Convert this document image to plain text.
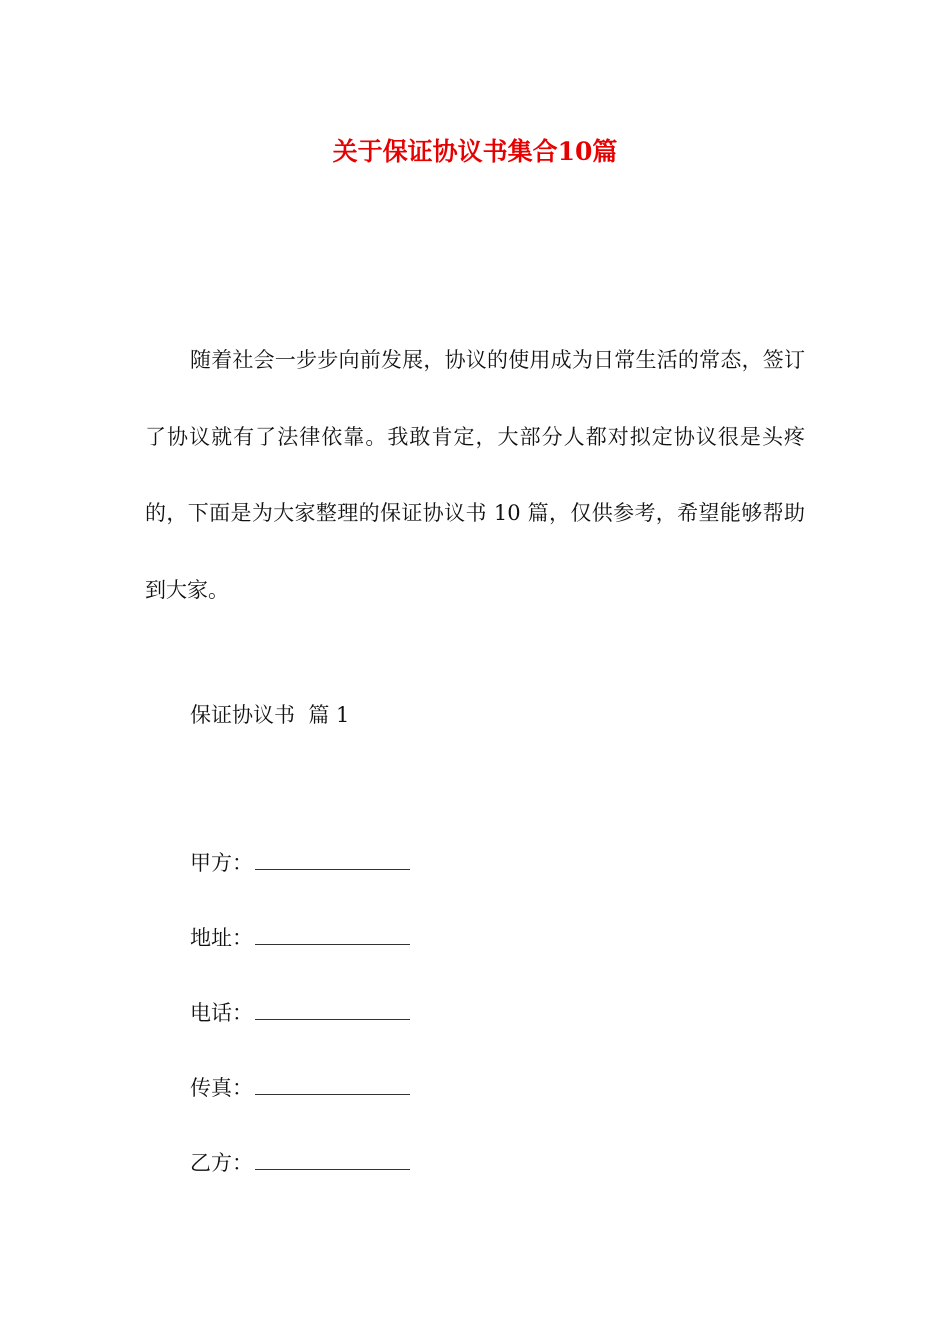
关于保证协议书集合10篇

随着社会一步步向前发展，协议的使用成为日常生活的常态，签订了协议就有了法律依靠。我敢肯定，大部分人都对拟定协议很是头疼的，下面是为大家整理的保证协议书 10 篇，仅供参考，希望能够帮助到大家。

保证协议书  篇 1

甲方：
地址：
电话：
传真：
乙方：
